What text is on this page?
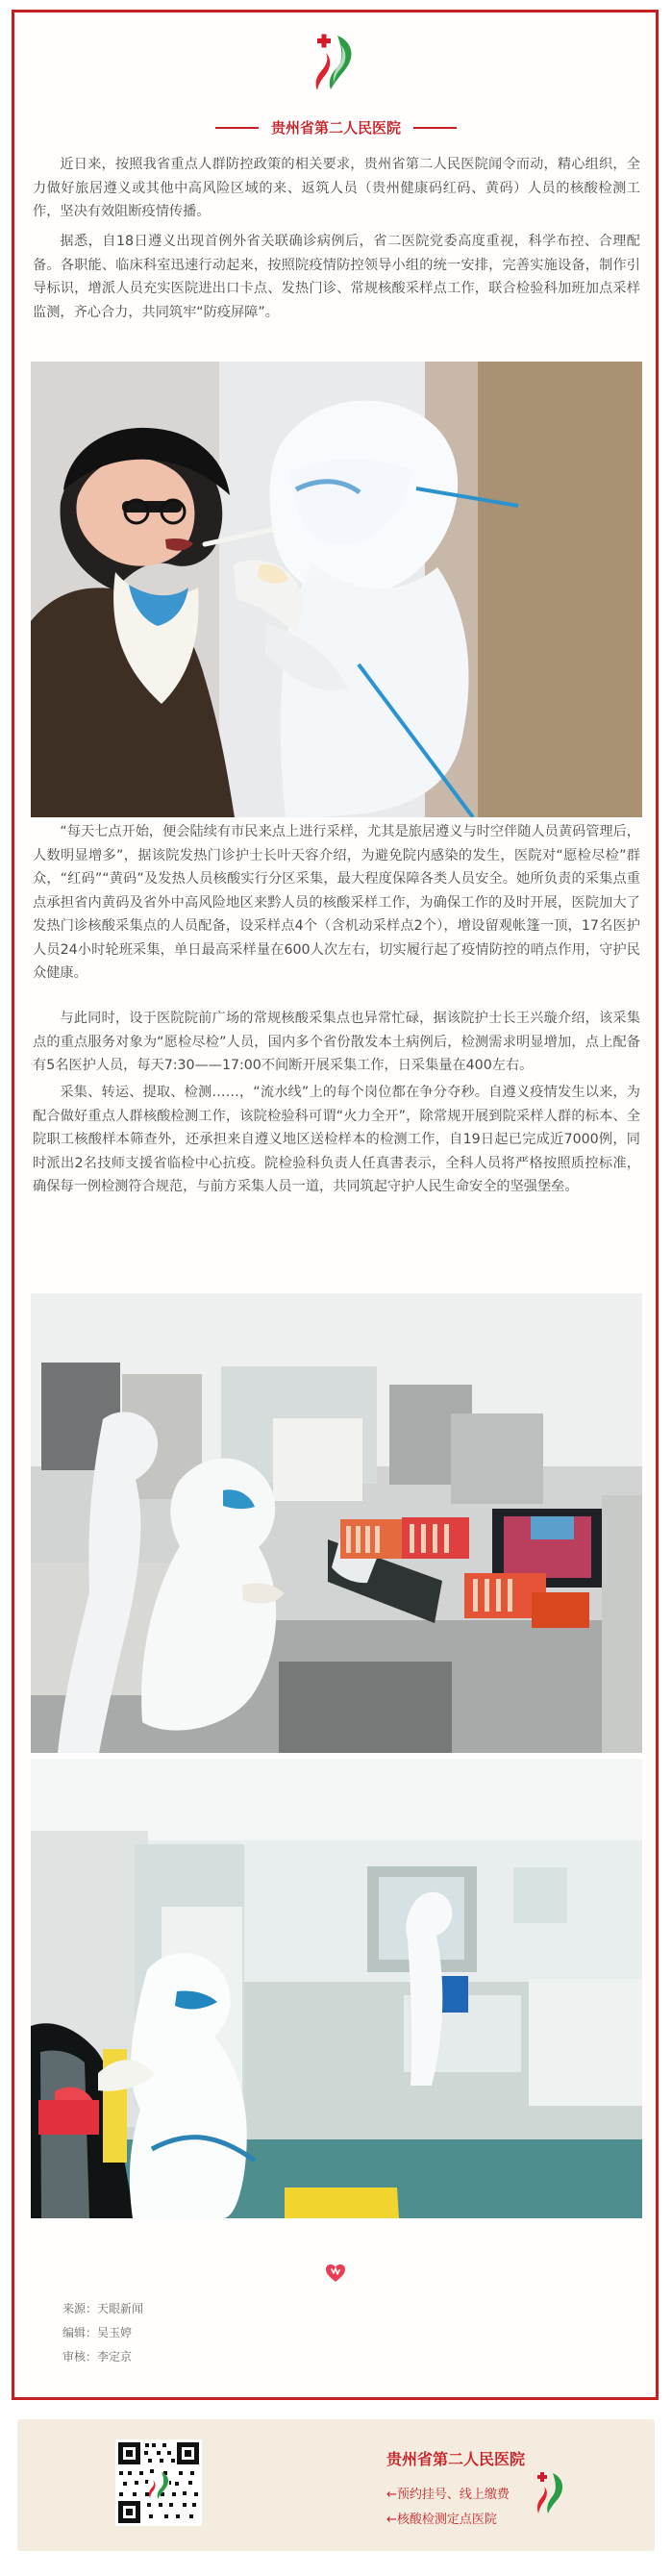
贵州省第二人民医院

近日来，按照我省重点人群防控政策的相关要求，贵州省第二人民医院闻令而动，精心组织，全力做好旅居遵义或其他中高风险区域的来、返筑人员（贵州健康码红码、黄码）人员的核酸检测工作，坚决有效阻断疫情传播。

据悉，自18日遵义出现首例外省关联确诊病例后，省二医院党委高度重视，科学布控、合理配备。各职能、临床科室迅速行动起来，按照院疫情防控领导小组的统一安排，完善实施设备，制作引导标识，增派人员充实医院进出口卡点、发热门诊、常规核酸采样点工作，联合检验科加班加点采样监测，齐心合力，共同筑牢“防疫屏障”。

“每天七点开始，便会陆续有市民来点上进行采样，尤其是旅居遵义与时空伴随人员黄码管理后，人数明显增多”，据该院发热门诊护士长叶天容介绍，为避免院内感染的发生，医院对“愿检尽检”群众，“红码”“黄码”及发热人员核酸实行分区采集，最大程度保障各类人员安全。她所负责的采集点重点承担省内黄码及省外中高风险地区来黔人员的核酸采样工作，为确保工作的及时开展，医院加大了发热门诊核酸采集点的人员配备，设采样点4个（含机动采样点2个），增设留观帐篷一顶，17名医护人员24小时轮班采集，单日最高采样量在600人次左右，切实履行起了疫情防控的哨点作用，守护民众健康。

与此同时，设于医院院前广场的常规核酸采集点也异常忙碌，据该院护士长王兴璇介绍，该采集点的重点服务对象为“愿检尽检”人员，国内多个省份散发本土病例后，检测需求明显增加，点上配备有5名医护人员，每天7:30——17:00不间断开展采集工作，日采集量在400左右。

采集、转运、提取、检测……，“流水线”上的每个岗位都在争分夺秒。自遵义疫情发生以来，为配合做好重点人群核酸检测工作，该院检验科可谓“火力全开”，除常规开展到院采样人群的标本、全院职工核酸样本筛查外，还承担来自遵义地区送检样本的检测工作，自19日起已完成近7000例，同时派出2名技师支援省临检中心抗疫。院检验科负责人任真書表示，全科人员将严格按照质控标准，确保每一例检测符合规范，与前方采集人员一道，共同筑起守护人民生命安全的坚强堡垒。

来源：天眼新闻
编辑：吴玉婷
审核：李定京
贵州省第二人民医院
←预约挂号、线上缴费
←核酸检测定点医院
